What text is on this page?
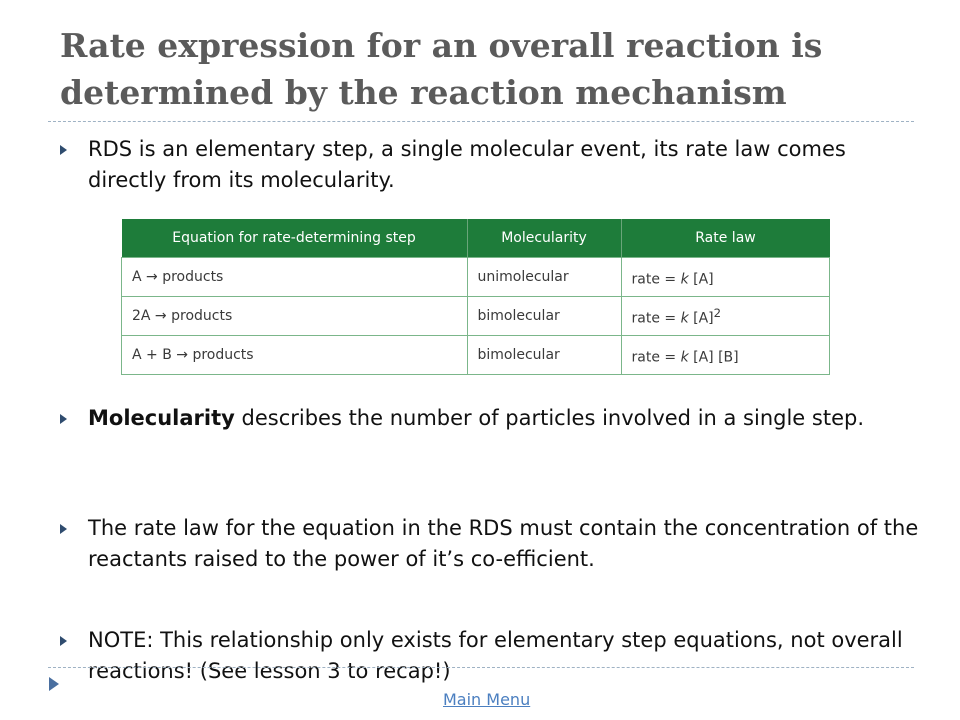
Rate expression for an overall reaction is
determined by the reaction mechanism
RDS is an elementary step, a single molecular event, its rate law comes directly from its molecularity.
Equation for rate-determining step	Molecularity	Rate law
A → products	unimolecular	rate = k [A]
2A → products	bimolecular	rate = k $[A]^2$
A + B → products	bimolecular	rate = k [A] [B]
Molecularity describes the number of particles involved in a single step.
The rate law for the equation in the RDS must contain the concentration of the reactants raised to the power of it’s co-efficient.
NOTE: This relationship only exists for elementary step equations, not overall reactions! (See lesson 3 to recap!)
Main Menu
